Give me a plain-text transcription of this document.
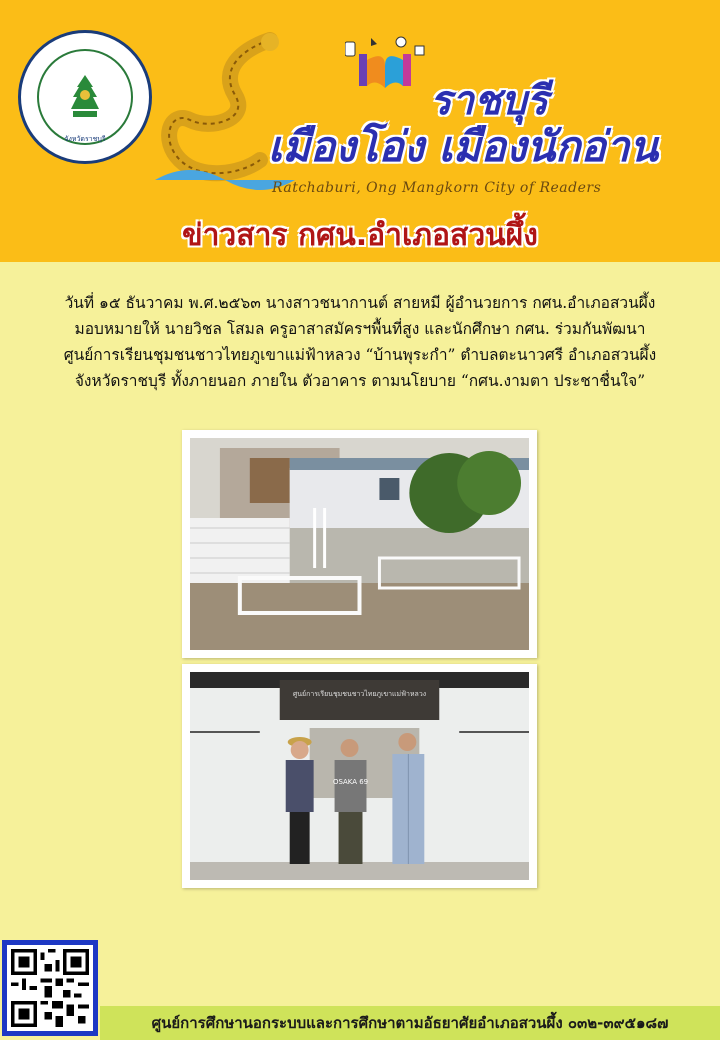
จังหวัดราชบุรี
ราชบุรี
เมืองโอ่ง เมืองนักอ่าน
Ratchaburi, Ong Mangkorn City of Readers
ข่าวสาร กศน.อำเภอสวนผึ้ง
วันที่ ๑๕ ธันวาคม พ.ศ.๒๕๖๓ นางสาวชนากานต์ สายหมี ผู้อำนวยการ กศน.อำเภอสวนผึ้ง
มอบหมายให้ นายวิชล โสมล ครูอาสาสมัครฯพื้นที่สูง และนักศึกษา กศน. ร่วมกันพัฒนา
ศูนย์การเรียนชุมชนชาวไทยภูเขาแม่ฟ้าหลวง “บ้านพุระกำ” ตำบลตะนาวศรี อำเภอสวนผึ้ง
จังหวัดราชบุรี ทั้งภายนอก ภายใน ตัวอาคาร ตามนโยบาย “กศน.งามตา ประชาชื่นใจ”
ศูนย์การเรียนชุมชนชาวไทยภูเขาแม่ฟ้าหลวง
OSAKA 69
ศูนย์การศึกษานอกระบบและการศึกษาตามอัธยาศัยอำเภอสวนผึ้ง ๐๓๒-๓๙๕๑๘๗
